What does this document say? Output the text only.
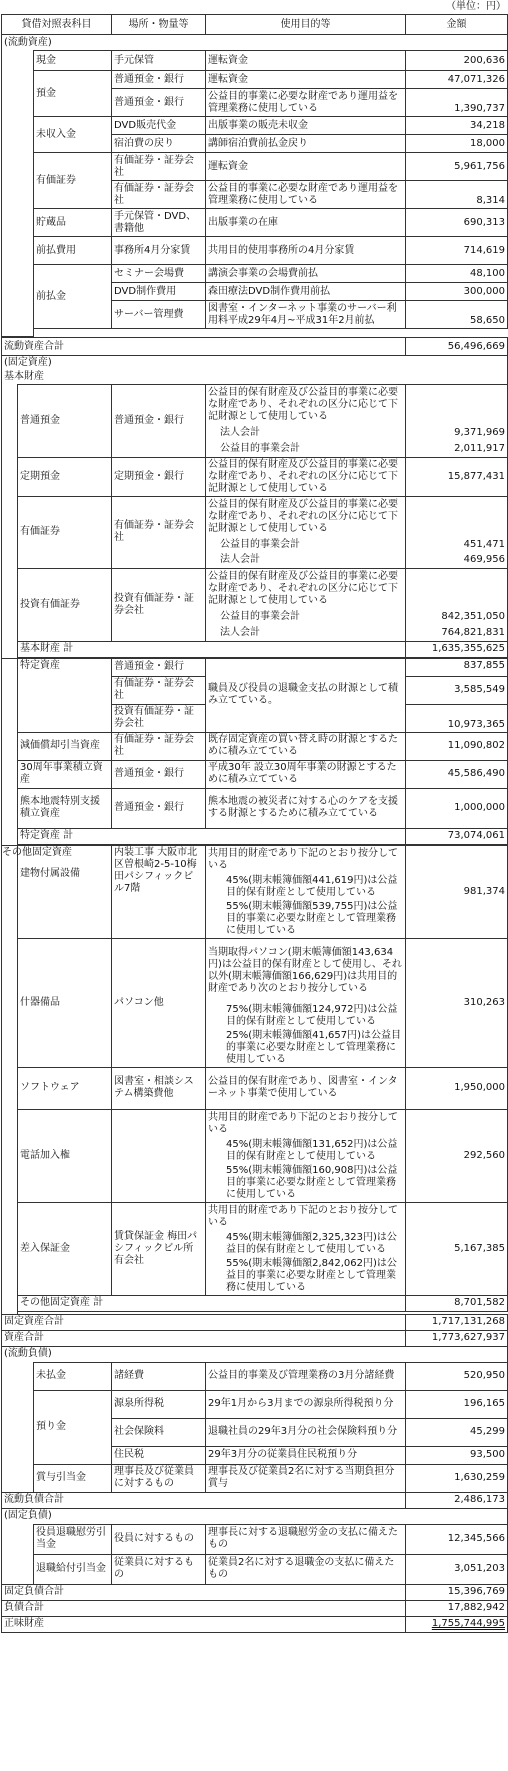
（単位：円）
貸借対照表科目			場所・物量等	使用目的等	金額
(流動資産)					
		現金	手元保管	運転資金	200,636
		預金	普通預金・銀行	運転資金	47,071,326
			普通預金・銀行	公益目的事業に必要な財産であり運用益を管理業務に使用している	1,390,737
		未収入金	DVD販売代金	出版事業の販売未収金	34,218
			宿泊費の戻り	講師宿泊費前払金戻り	18,000
		有価証券	有価証券・証券会社	運転資金	5,961,756
			有価証券・証券会社	公益目的事業に必要な財産であり運用益を管理業務に使用している	8,314
		貯蔵品	手元保管・DVD、書籍他	出版事業の在庫	690,313
		前払費用	事務所4月分家賃	共用目的使用事務所の4月分家賃	714,619
		前払金	セミナー会場費	講演会事業の会場費前払	48,100
			DVD制作費用	森田療法DVD制作費用前払	300,000
			サーバー管理費	図書室・インターネット事業のサーバー利用料平成29年4月~平成31年2月前払	58,650

流動資産合計					56,496,669
(固定資産)					
基本財産					
	普通預金		普通預金・銀行	公益目的保有財産及び公益目的事業に必要な財産であり、それぞれの区分に応じて下記財源として使用している	
				法人会計	9,371,969
				公益目的事業会計	2,011,917
	定期預金		定期預金・銀行	公益目的保有財産及び公益目的事業に必要な財産であり、それぞれの区分に応じて下記財源として使用している	15,877,431
	有価証券		有価証券・証券会社	公益目的保有財産及び公益目的事業に必要な財産であり、それぞれの区分に応じて下記財源として使用している	
				公益目的事業会計	451,471
				法人会計	469,956
	投資有価証券		投資有価証券・証券会社	公益目的保有財産及び公益目的事業に必要な財産であり、それぞれの区分に応じて下記財源として使用している	
				公益目的事業会計	842,351,050
				法人会計	764,821,831
	基本財産 計				1,635,355,625

	特定資産		普通預金・銀行	職員及び役員の退職金支払の財源として積み立てている。	837,855
			有価証券・証券会社		3,585,549
			投資有価証券・証券会社		10,973,365
	減価償却引当資産		有価証券・証券会社	既存固定資産の買い替え時の財源とするために積み立てている	11,090,802
	30周年事業積立資産		普通預金・銀行	平成30年 設立30周年事業の財源とするために積み立てている	45,586,490
	熊本地震特別支援積立資産		普通預金・銀行	熊本地震の被災者に対する心のケアを支援する財源とするために積み立てている	1,000,000
	特定資産 計				73,074,061

	その他固定資産
建物付属設備		内装工事 大阪市北区曽根崎2-5-10梅田パシフィックビル7階	共用目的財産であり下記のとおり按分している	981,374
				45%(期末帳簿価額441,619円)は公益目的保有財産として使用している	
				55%(期末帳簿価額539,755円)は公益目的事業に必要な財産として管理業務に使用している	
	什器備品		パソコン他	当期取得パソコン(期末帳簿価額143,634円)は公益目的保有財産として使用し、それ以外(期末帳簿価額166,629円)は共用目的財産であり次のとおり按分している	310,263
				75%(期末帳簿価額124,972円)は公益目的保有財産として使用している	
				25%(期末帳簿価額41,657円)は公益目的事業に必要な財産として管理業務に使用している	
	ソフトウェア		図書室・相談システム構築費他	公益目的保有財産であり、図書室・インターネット事業で使用している	1,950,000
	電話加入権			共用目的財産であり下記のとおり按分している	292,560
				45%(期末帳簿価額131,652円)は公益目的保有財産として使用している	
				55%(期末帳簿価額160,908円)は公益目的事業に必要な財産として管理業務に使用している	
	差入保証金		賃貸保証金 梅田パシフィックビル所有会社	共用目的財産であり下記のとおり按分している	5,167,385
				45%(期末帳簿価額2,325,323円)は公益目的保有財産として使用している	
				55%(期末帳簿価額2,842,062円)は公益目的事業に必要な財産として管理業務に使用している	
	その他固定資産 計				8,701,582

固定資産合計					1,717,131,268
資産合計					1,773,627,937
(流動負債)					
		未払金	諸経費	公益目的事業及び管理業務の3月分諸経費	520,950
		預り金	源泉所得税	29年1月から3月までの源泉所得税預り分	196,165
			社会保険料	退職社員の29年3月分の社会保険料預り分	45,299
			住民税	29年3月分の従業員住民税預り分	93,500
		賞与引当金	理事長及び従業員に対するもの	理事長及び従業員2名に対する当期負担分賞与	1,630,259
流動負債合計					2,486,173
(固定負債)					
		役員退職慰労引当金	役員に対するもの	理事長に対する退職慰労金の支払に備えたもの	12,345,566
		退職給付引当金	従業員に対するもの	従業員2名に対する退職金の支払に備えたもの	3,051,203
固定負債合計					15,396,769
負債合計					17,882,942
正味財産					1,755,744,995
